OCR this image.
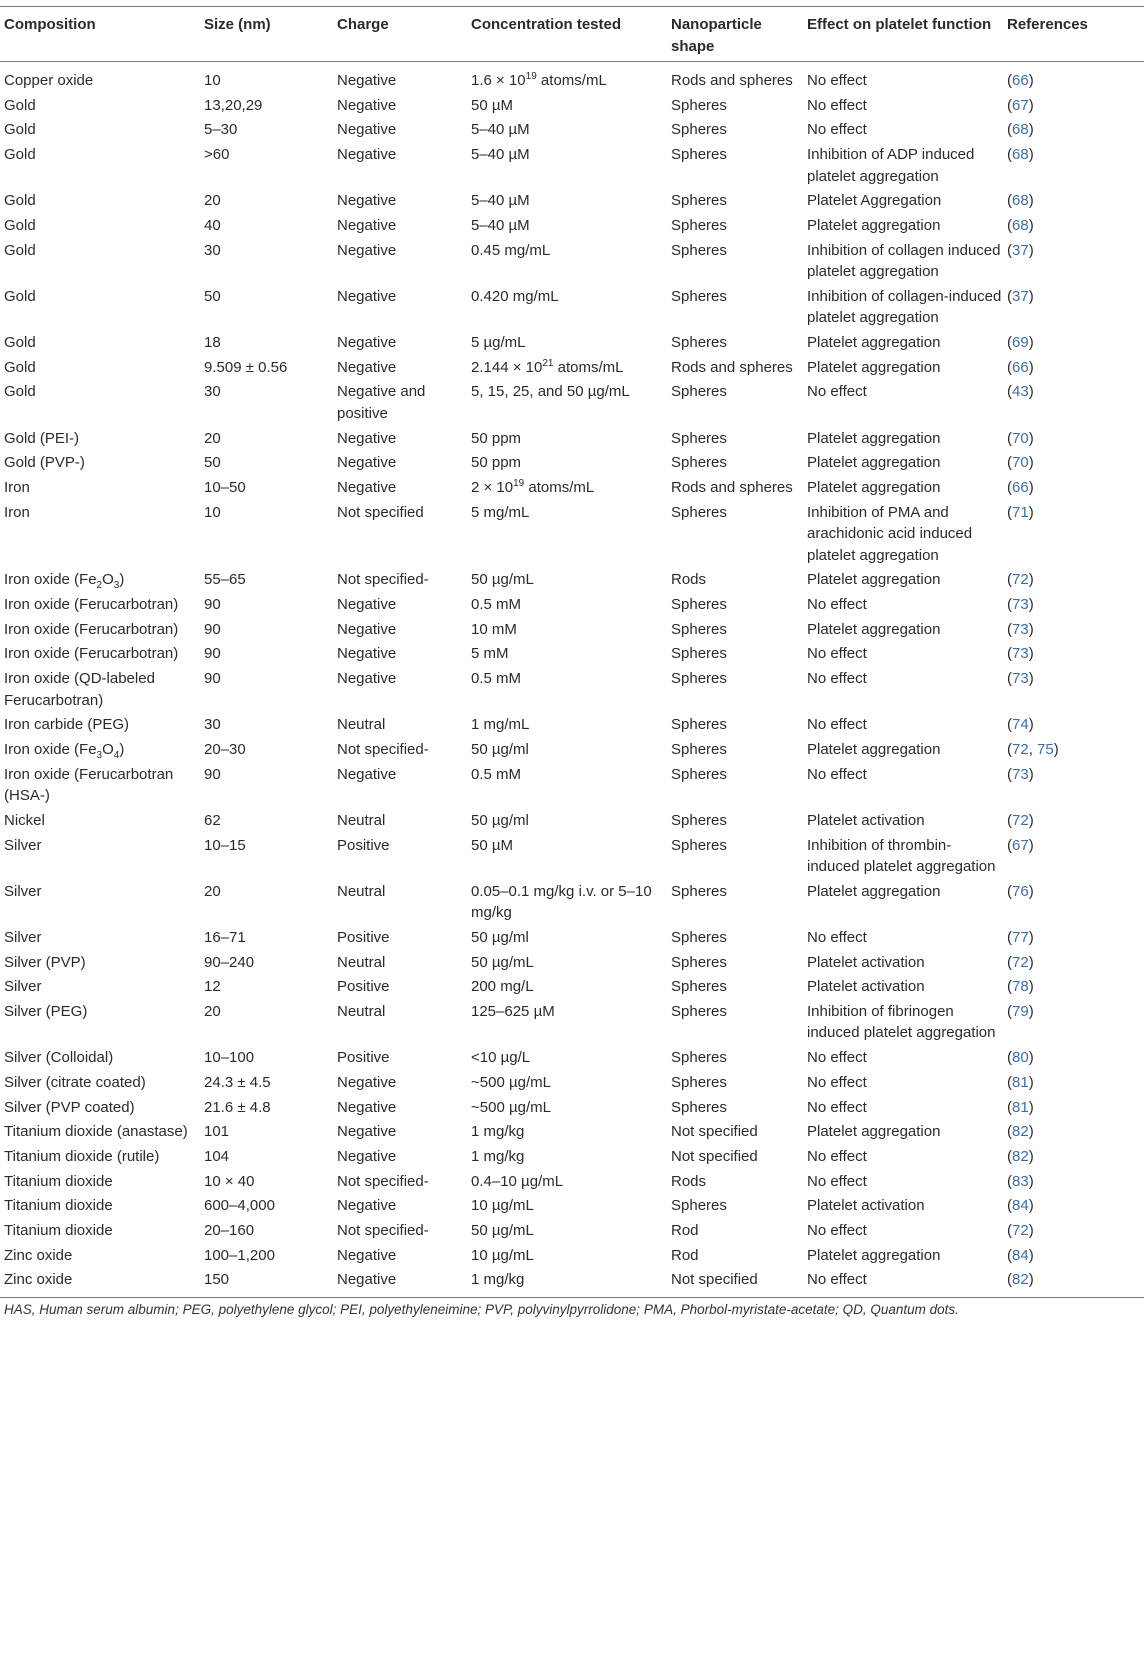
Composition	Size (nm)	Charge	Concentration tested	Nanoparticle shape	Effect on platelet function	References
Copper oxide	10	Negative	$1.6 \times 10^{19}$ atoms/mL	Rods and spheres	No effect	(66)
Gold	13,20,29	Negative	50 µM	Spheres	No effect	(67)
Gold	5–30	Negative	5–40 µM	Spheres	No effect	(68)
Gold	>60	Negative	5–40 µM	Spheres	Inhibition of ADP induced platelet aggregation	(68)
Gold	20	Negative	5–40 µM	Spheres	Platelet Aggregation	(68)
Gold	40	Negative	5–40 µM	Spheres	Platelet aggregation	(68)
Gold	30	Negative	0.45 mg/mL	Spheres	Inhibition of collagen induced platelet aggregation	(37)
Gold	50	Negative	0.420 mg/mL	Spheres	Inhibition of collagen-induced platelet aggregation	(37)
Gold	18	Negative	5 µg/mL	Spheres	Platelet aggregation	(69)
Gold	9.509 ± 0.56	Negative	$2.144 \times 10^{21}$ atoms/mL	Rods and spheres	Platelet aggregation	(66)
Gold	30	Negative and positive	5, 15, 25, and 50 µg/mL	Spheres	No effect	(43)
Gold (PEI-)	20	Negative	50 ppm	Spheres	Platelet aggregation	(70)
Gold (PVP-)	50	Negative	50 ppm	Spheres	Platelet aggregation	(70)
Iron	10–50	Negative	$2 \times 10^{19}$ atoms/mL	Rods and spheres	Platelet aggregation	(66)
Iron	10	Not specified	5 mg/mL	Spheres	Inhibition of PMA and arachidonic acid induced platelet aggregation	(71)
Iron oxide $(Fe_2O_3)$	55–65	Not specified-	50 µg/mL	Rods	Platelet aggregation	(72)
Iron oxide (Ferucarbotran)	90	Negative	0.5 mM	Spheres	No effect	(73)
Iron oxide (Ferucarbotran)	90	Negative	10 mM	Spheres	Platelet aggregation	(73)
Iron oxide (Ferucarbotran)	90	Negative	5 mM	Spheres	No effect	(73)
Iron oxide (QD-labeled Ferucarbotran)	90	Negative	0.5 mM	Spheres	No effect	(73)
Iron carbide (PEG)	30	Neutral	1 mg/mL	Spheres	No effect	(74)
Iron oxide $(Fe_3O_4)$	20–30	Not specified-	50 µg/ml	Spheres	Platelet aggregation	(72, 75)
Iron oxide (Ferucarbotran (HSA-)	90	Negative	0.5 mM	Spheres	No effect	(73)
Nickel	62	Neutral	50 µg/ml	Spheres	Platelet activation	(72)
Silver	10–15	Positive	50 µM	Spheres	Inhibition of thrombin-induced platelet aggregation	(67)
Silver	20	Neutral	0.05–0.1 mg/kg i.v. or 5–10 mg/kg	Spheres	Platelet aggregation	(76)
Silver	16–71	Positive	50 µg/ml	Spheres	No effect	(77)
Silver (PVP)	90–240	Neutral	50 µg/mL	Spheres	Platelet activation	(72)
Silver	12	Positive	200 mg/L	Spheres	Platelet activation	(78)
Silver (PEG)	20	Neutral	125–625 µM	Spheres	Inhibition of fibrinogen induced platelet aggregation	(79)
Silver (Colloidal)	10–100	Positive	<10 µg/L	Spheres	No effect	(80)
Silver (citrate coated)	24.3 ± 4.5	Negative	~500 µg/mL	Spheres	No effect	(81)
Silver (PVP coated)	21.6 ± 4.8	Negative	~500 µg/mL	Spheres	No effect	(81)
Titanium dioxide (anastase)	101	Negative	1 mg/kg	Not specified	Platelet aggregation	(82)
Titanium dioxide (rutile)	104	Negative	1 mg/kg	Not specified	No effect	(82)
Titanium dioxide	10 × 40	Not specified-	0.4–10 µg/mL	Rods	No effect	(83)
Titanium dioxide	600–4,000	Negative	10 µg/mL	Spheres	Platelet activation	(84)
Titanium dioxide	20–160	Not specified-	50 µg/mL	Rod	No effect	(72)
Zinc oxide	100–1,200	Negative	10 µg/mL	Rod	Platelet aggregation	(84)
Zinc oxide	150	Negative	1 mg/kg	Not specified	No effect	(82)
HAS, Human serum albumin; PEG, polyethylene glycol; PEI, polyethyleneimine; PVP, polyvinylpyrrolidone; PMA, Phorbol-myristate-acetate; QD, Quantum dots.
